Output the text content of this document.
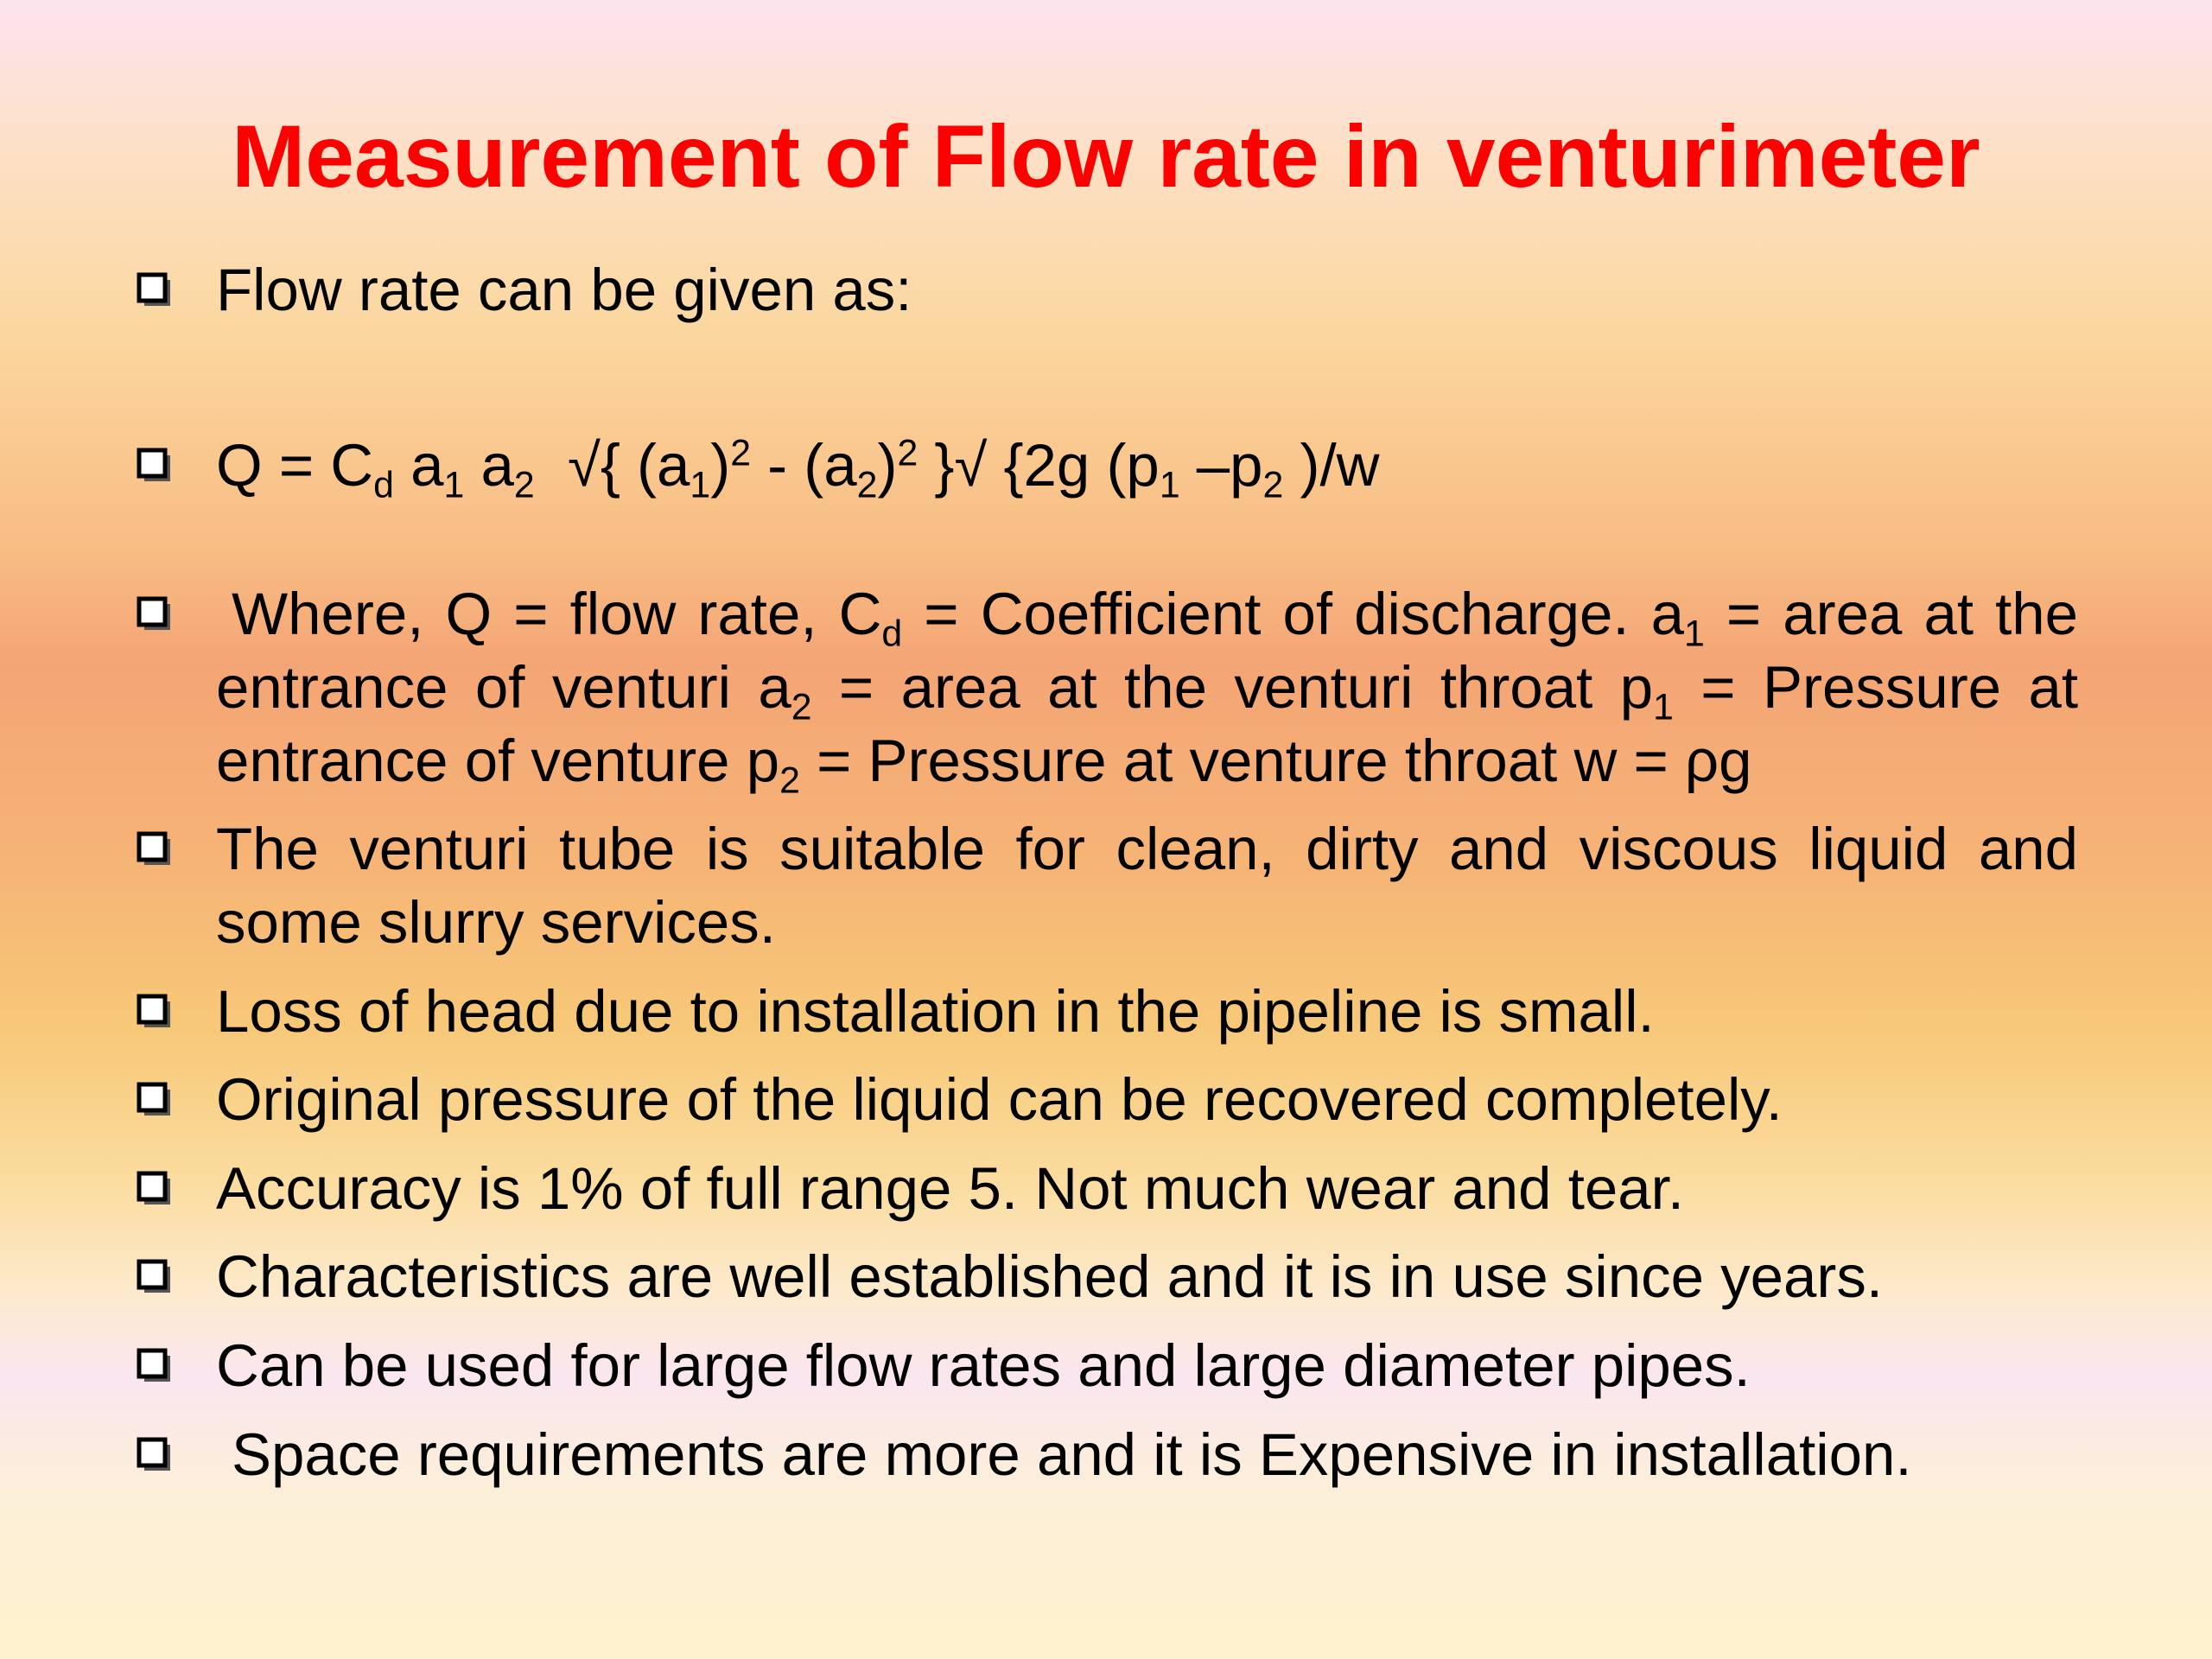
Measurement of Flow rate in venturimeter
Flow rate can be given as:
$Q = C_d$ $a_1$ $a_2$ √{ $(a_1)^2 - (a_2)^2$ }√ {2g ($p_1$ $-p_2$ )/w
Where, Q = flow rate, $C_d$ = Coefficient of discharge. $a_1$ = area at the entrance of venturi $a_2$ = area at the venturi throat $p_1$ = Pressure at entrance of venture $p_2$ = Pressure at venture throat w = ρg
The venturi tube is suitable for clean, dirty and viscous liquid and some slurry services.
Loss of head due to installation in the pipeline is small.
Original pressure of the liquid can be recovered completely.
Accuracy is 1% of full range 5. Not much wear and tear.
Characteristics are well established and it is in use since years.
Can be used for large flow rates and large diameter pipes.
Space requirements are more and it is Expensive in installation.
